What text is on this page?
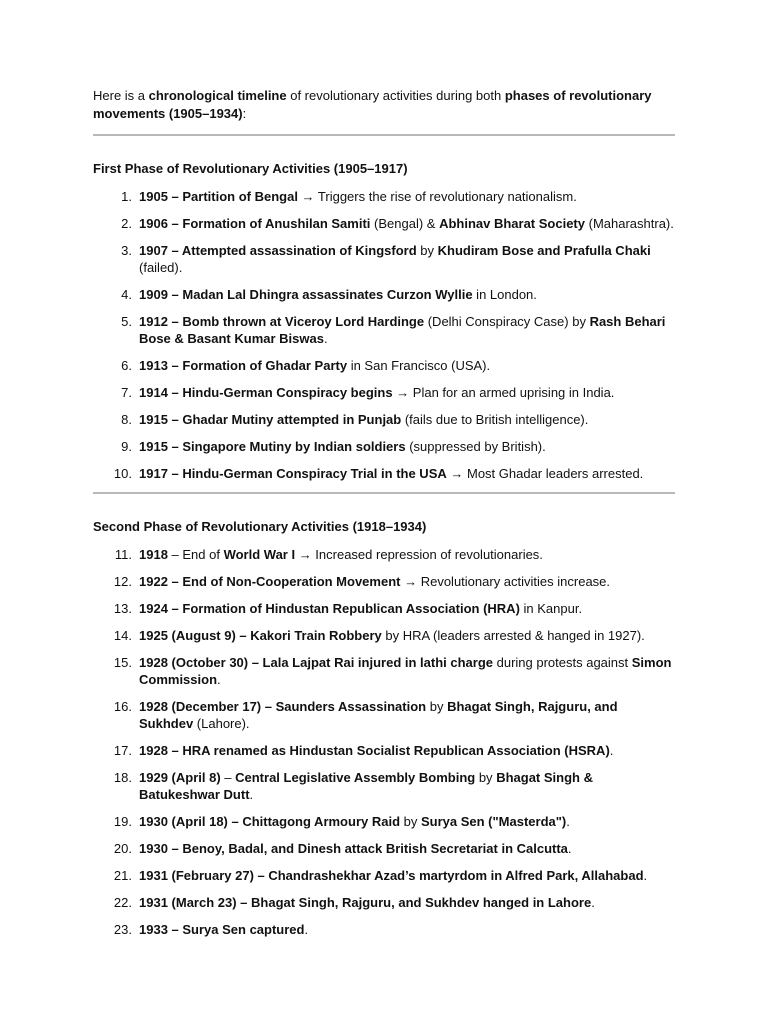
Here is a chronological timeline of revolutionary activities during both phases of revolutionary movements (1905–1934):

First Phase of Revolutionary Activities (1905–1917)

1. 1905 – Partition of Bengal → Triggers the rise of revolutionary nationalism.
2. 1906 – Formation of Anushilan Samiti (Bengal) & Abhinav Bharat Society (Maharashtra).
3. 1907 – Attempted assassination of Kingsford by Khudiram Bose and Prafulla Chaki (failed).
4. 1909 – Madan Lal Dhingra assassinates Curzon Wyllie in London.
5. 1912 – Bomb thrown at Viceroy Lord Hardinge (Delhi Conspiracy Case) by Rash Behari Bose & Basant Kumar Biswas.
6. 1913 – Formation of Ghadar Party in San Francisco (USA).
7. 1914 – Hindu-German Conspiracy begins → Plan for an armed uprising in India.
8. 1915 – Ghadar Mutiny attempted in Punjab (fails due to British intelligence).
9. 1915 – Singapore Mutiny by Indian soldiers (suppressed by British).
10. 1917 – Hindu-German Conspiracy Trial in the USA → Most Ghadar leaders arrested.

Second Phase of Revolutionary Activities (1918–1934)

11. 1918 – End of World War I → Increased repression of revolutionaries.
12. 1922 – End of Non-Cooperation Movement → Revolutionary activities increase.
13. 1924 – Formation of Hindustan Republican Association (HRA) in Kanpur.
14. 1925 (August 9) – Kakori Train Robbery by HRA (leaders arrested & hanged in 1927).
15. 1928 (October 30) – Lala Lajpat Rai injured in lathi charge during protests against Simon Commission.
16. 1928 (December 17) – Saunders Assassination by Bhagat Singh, Rajguru, and Sukhdev (Lahore).
17. 1928 – HRA renamed as Hindustan Socialist Republican Association (HSRA).
18. 1929 (April 8) – Central Legislative Assembly Bombing by Bhagat Singh & Batukeshwar Dutt.
19. 1930 (April 18) – Chittagong Armoury Raid by Surya Sen ("Masterda").
20. 1930 – Benoy, Badal, and Dinesh attack British Secretariat in Calcutta.
21. 1931 (February 27) – Chandrashekhar Azad’s martyrdom in Alfred Park, Allahabad.
22. 1931 (March 23) – Bhagat Singh, Rajguru, and Sukhdev hanged in Lahore.
23. 1933 – Surya Sen captured.
